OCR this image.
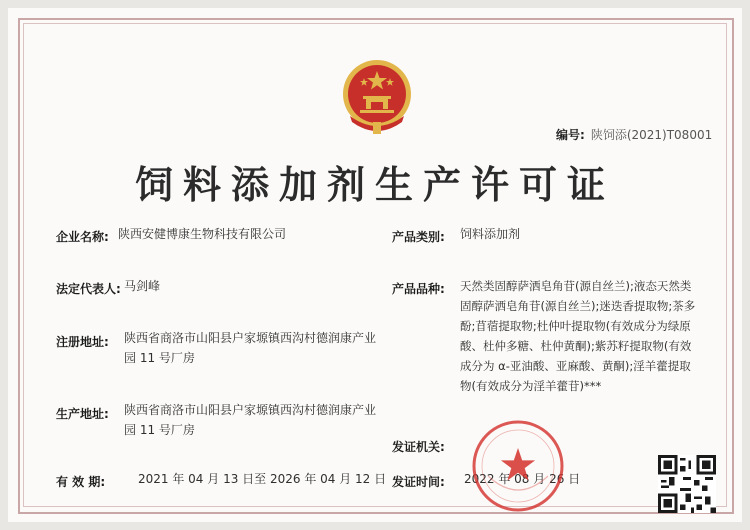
编号: 陕饲添(2021)T08001
饲料添加剂生产许可证
企业名称: 陕西安健博康生物科技有限公司
法定代表人: 马剑峰
注册地址: 陕西省商洛市山阳县户家塬镇西沟村德润康产业
园 11 号厂房
生产地址: 陕西省商洛市山阳县户家塬镇西沟村德润康产业
园 11 号厂房
有 效 期:	2021 年 04 月 13 日至 2026 年 04 月 12 日
产品类别: 饲料添加剂
产品品种: 天然类固醇萨洒皂角苷(源自丝兰);液态天然类
固醇萨洒皂角苷(源自丝兰);迷迭香提取物;茶多
酚;苜蓿提取物;杜仲叶提取物(有效成分为绿原
酸、杜仲多糖、杜仲黄酮);紫苏籽提取物(有效
成分为 α-亚油酸、亚麻酸、黄酮);淫羊藿提取
物(有效成分为淫羊藿苷)***
发证机关:
发证时间: 2022 年 08 月 26 日
